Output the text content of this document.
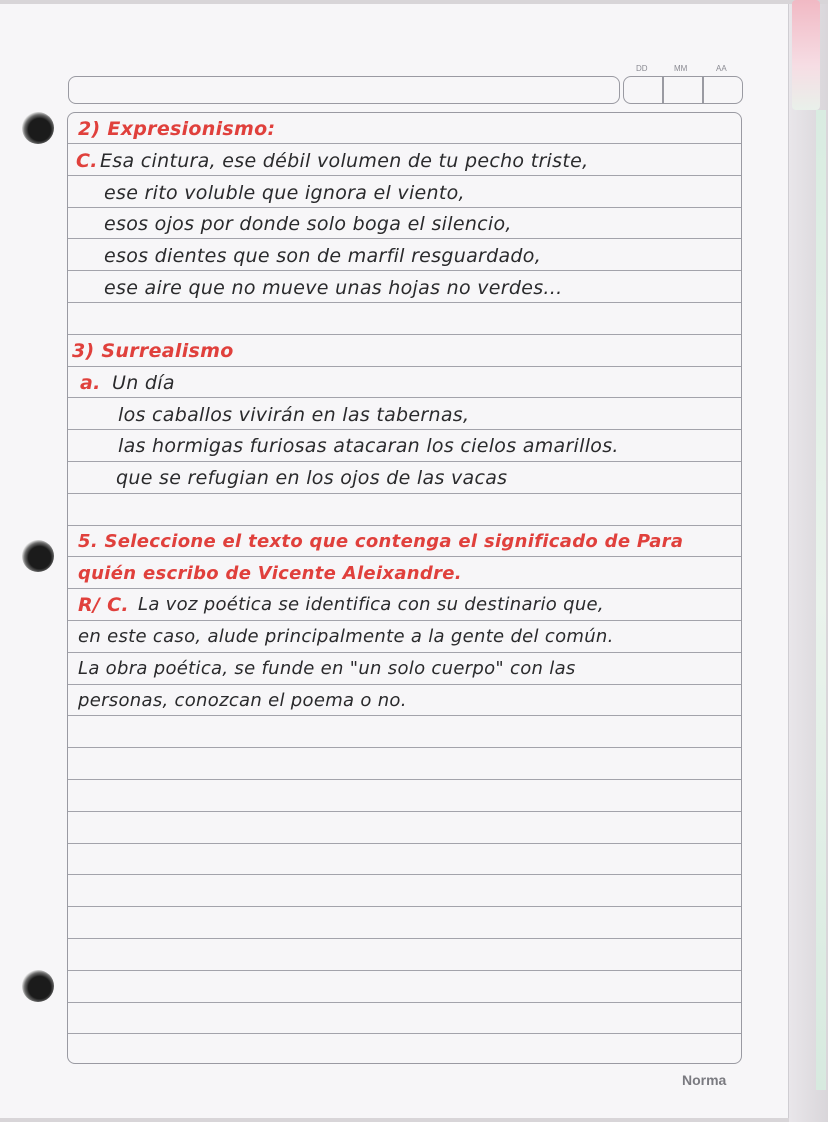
DD	MM	AA
2) Expresionismo:
C. Esa cintura, ese débil volumen de tu pecho triste,
ese rito voluble que ignora el viento,
esos ojos por donde solo boga el silencio,
esos dientes que son de marfil resguardado,
ese aire que no mueve unas hojas no verdes...
3) Surrealismo
a. Un día
los caballos vivirán en las tabernas,
las hormigas furiosas atacaran los cielos amarillos.
que se refugian en los ojos de las vacas
5. Seleccione el texto que contenga el significado de Para
quién escribo de Vicente Aleixandre.
R/ C. La voz poética se identifica con su destinario que,
en este caso, alude principalmente a la gente del común.
La obra poética, se funde en "un solo cuerpo" con las
personas, conozcan el poema o no.
Norma
